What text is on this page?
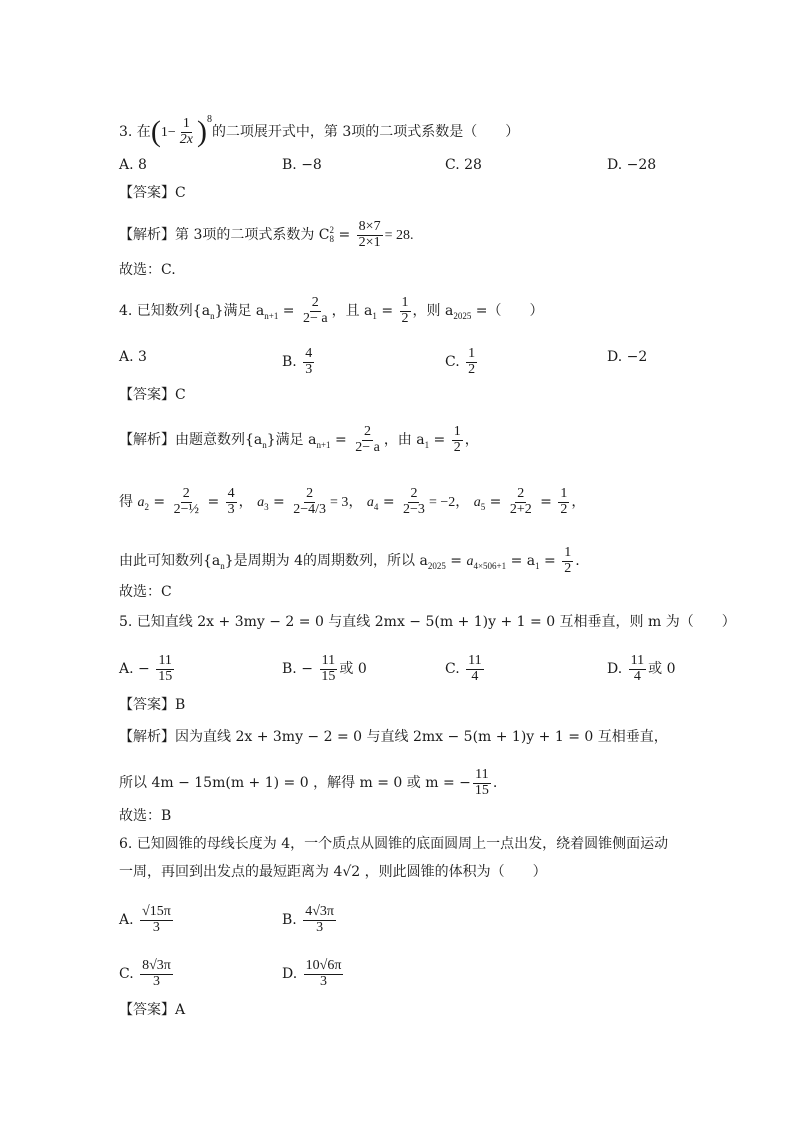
3. 在$(1- \frac{1}{2x} )^8$的二项展开式中，第 3项的二项式系数是（　　）
A. 8	B. −8	C. 28	D. −28
【答案】C
【解析】第 3项的二项式系数为 C 2
$8 = \frac{8\times 7}{2\times 1} = 28$.
故选：C.
4. 已知数列$\{a_n\}$满足 $a_{n+1} = \frac{2}{2- a}$ ，且 $a_1 = \frac{1}{2}$ ，则 $a_{2025}$ =（　　）
A. 3	B. $\frac{4}{3}$	C. $\frac{1}{2}$	D. −2
【答案】C
【解析】由题意数列$\{a_n\}$满足 $a_{n+1} = \frac{2}{2- a}$ ，由 $a_1 = \frac{1}{2}$ ，
得 $a_2 = \frac{2}{\text{2−½}} = \frac{4}{3}$ ， $a_3 = \frac{2}{2-4/3} = 3$， $a_4 = \frac{2}{2-3} = -2$， $a_5 = \frac{2}{2+2} = \frac{1}{2}$ ，
由此可知数列$\{a_n\}$是周期为 4的周期数列，所以 $a_{2025} = a_{4\times 506+1} = a_1 = \frac{1}{2}$ .
故选：C
5. 已知直线 2x + 3my − 2 = 0 与直线 2mx − 5(m + 1)y + 1 = 0 互相垂直，则 m 为（　　）
A. − $\frac{11}{15}$	B. − $\frac{11}{15}$ 或 0	C. $\frac{11}{4}$	D. $\frac{11}{4}$ 或 0
【答案】B
【解析】因为直线 2x + 3my − 2 = 0 与直线 2mx − 5(m + 1)y + 1 = 0 互相垂直，
所以 4m − 15m(m + 1) = 0 ，解得 m = 0 或 m = − $\frac{11}{15}$ .
故选：B
6. 已知圆锥的母线长度为 4，一个质点从圆锥的底面圆周上一点出发，绕着圆锥侧面运动
一周，再回到出发点的最短距离为 4√2 ，则此圆锥的体积为（　　）
A. $\frac{√15\pi}{3}$	B. $\frac{4√3\pi}{3}$
C. $\frac{8√3\pi}{3}$	D. $\frac{10√6\pi}{3}$
【答案】A
